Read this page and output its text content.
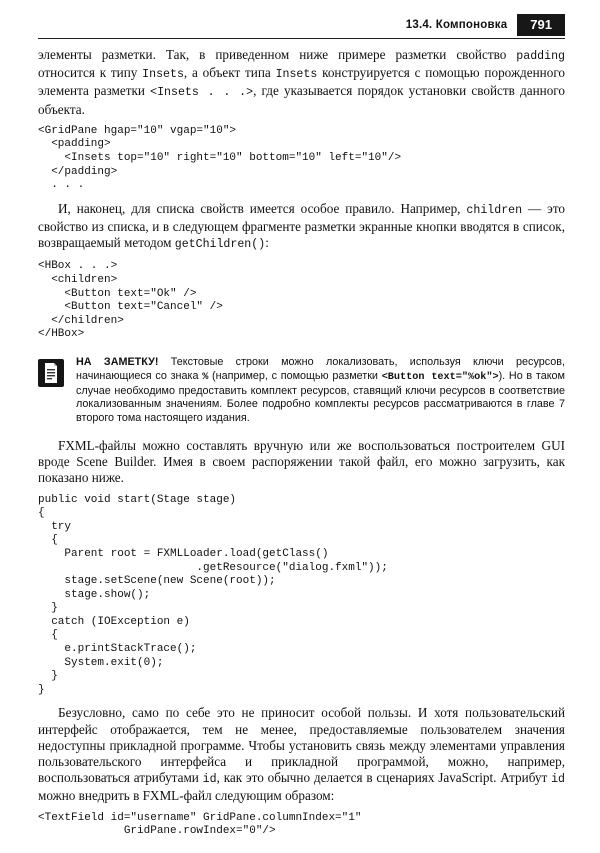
13.4. Компоновка	791

элементы разметки. Так, в приведенном ниже примере разметки свойство padding относится к типу Insets, а объект типа Insets конструируется с помощью порожденного элемента разметки <Insets . . .>, где указывается порядок установки свойств данного объекта.

<GridPane hgap="10" vgap="10">
<padding>
<Insets top="10" right="10" bottom="10" left="10"/>
</padding>
. . .

И, наконец, для списка свойств имеется особое правило. Например, children — это свойство из списка, и в следующем фрагменте разметки экранные кнопки вводятся в список, возвращаемый методом getChildren():

<HBox . . .>
<children>
<Button text="Ok" />
<Button text="Cancel" />
</children>
</HBox>
НА ЗАМЕТКУ! Текстовые строки можно локализовать, используя ключи ресурсов, начинающиеся со знака % (например, с помощью разметки <Button text="%ok">). Но в таком случае необходимо предоставить комплект ресурсов, ставящий ключи ресурсов в соответствие локализованным значениям. Более подробно комплекты ресурсов рассматриваются в главе 7 второго тома настоящего издания.

FXML-файлы можно составлять вручную или же воспользоваться построителем GUI вроде Scene Builder. Имея в своем распоряжении такой файл, его можно загрузить, как показано ниже.

public void start(Stage stage)
{
try
{
Parent root = FXMLLoader.load(getClass()
.getResource("dialog.fxml"));
stage.setScene(new Scene(root));
stage.show();
}
catch (IOException e)
{
e.printStackTrace();
System.exit(0);
}
}

Безусловно, само по себе это не приносит особой пользы. И хотя пользовательский интерфейс отображается, тем не менее, предоставляемые пользователем значения недоступны прикладной программе. Чтобы установить связь между элементами управления пользовательского интерфейса и прикладной программой, можно, например, воспользоваться атрибутами id, как это обычно делается в сценариях JavaScript. Атрибут id можно внедрить в FXML-файл следующим образом:

<TextField id="username" GridPane.columnIndex="1"
GridPane.rowIndex="0"/>
